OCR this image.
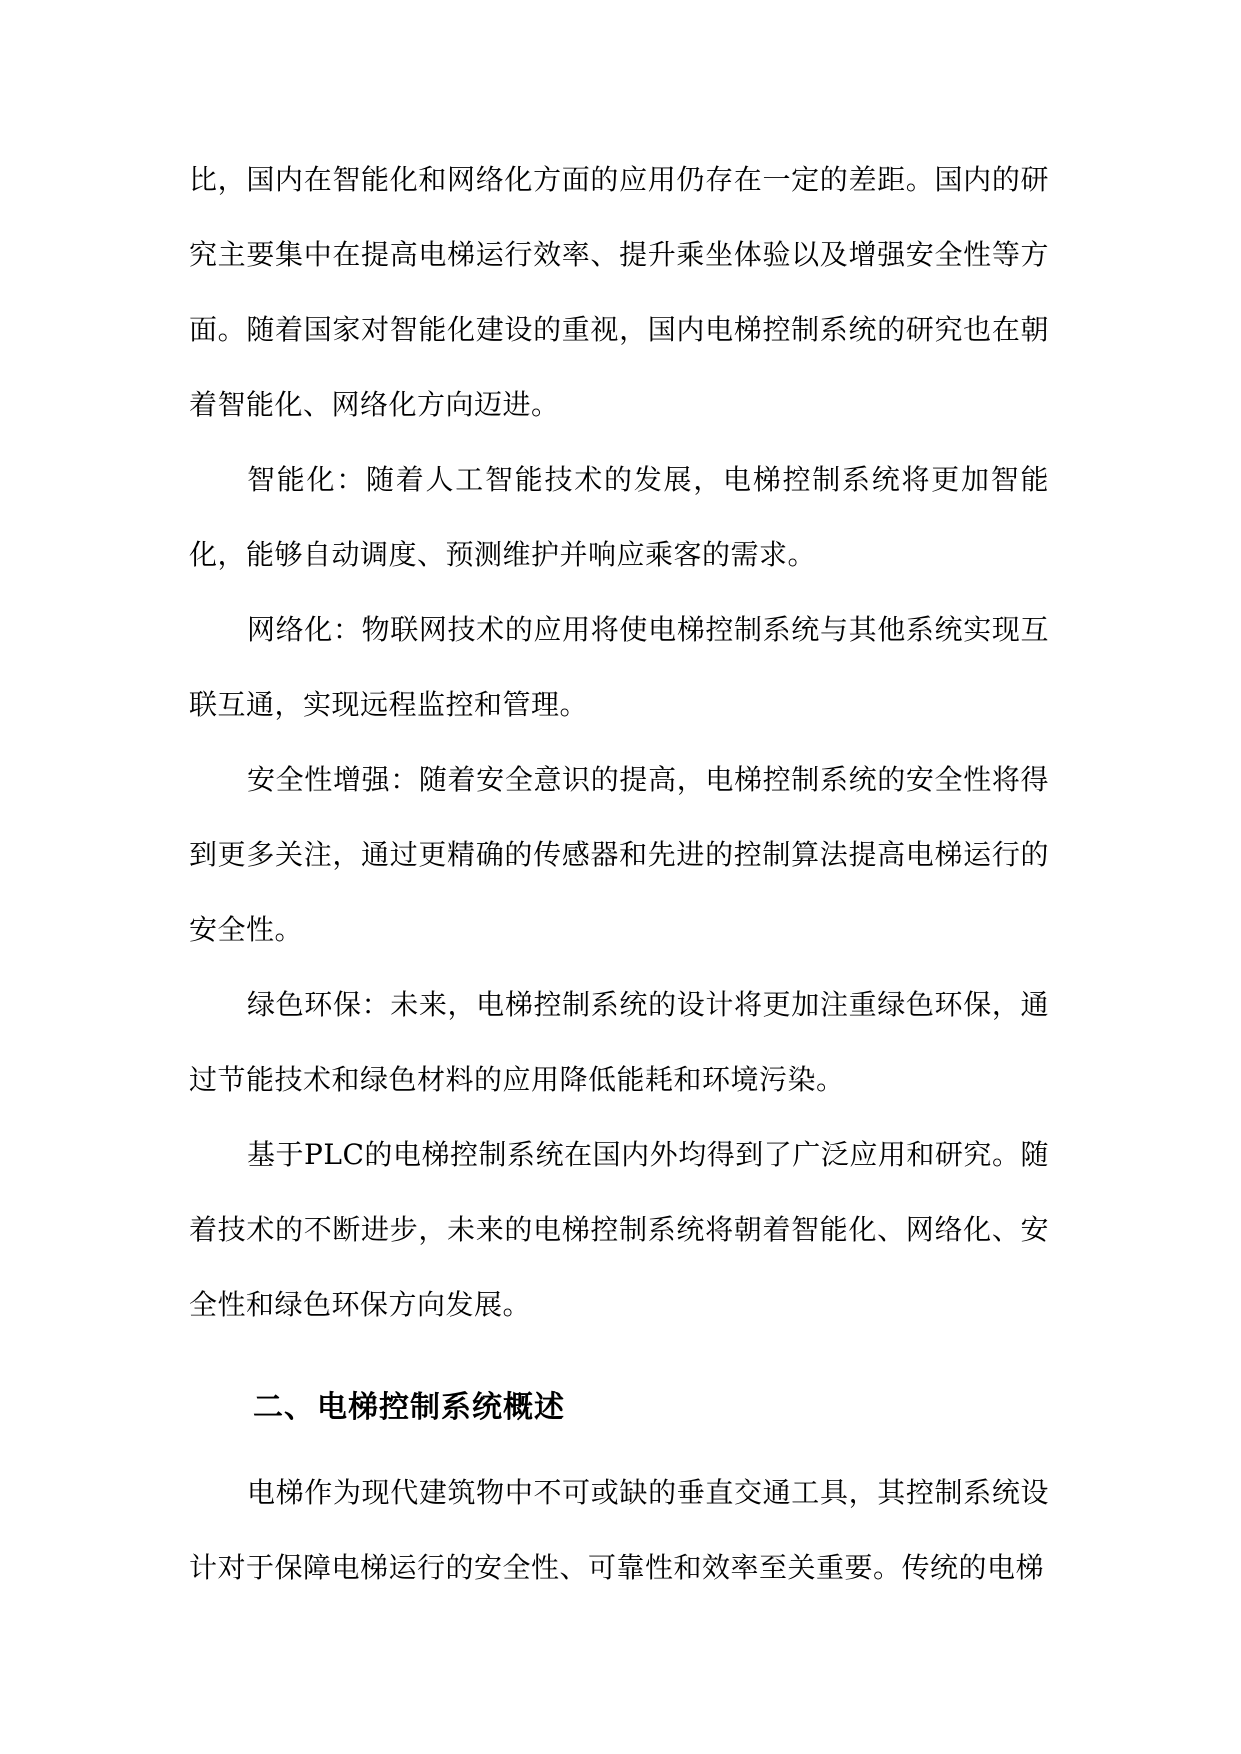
比，国内在智能化和网络化方面的应用仍存在一定的差距。国内的研究主要集中在提高电梯运行效率、提升乘坐体验以及增强安全性等方面。随着国家对智能化建设的重视，国内电梯控制系统的研究也在朝着智能化、网络化方向迈进。

智能化：随着人工智能技术的发展，电梯控制系统将更加智能化，能够自动调度、预测维护并响应乘客的需求。

网络化：物联网技术的应用将使电梯控制系统与其他系统实现互联互通，实现远程监控和管理。

安全性增强：随着安全意识的提高，电梯控制系统的安全性将得到更多关注，通过更精确的传感器和先进的控制算法提高电梯运行的安全性。

绿色环保：未来，电梯控制系统的设计将更加注重绿色环保，通过节能技术和绿色材料的应用降低能耗和环境污染。

基于PLC的电梯控制系统在国内外均得到了广泛应用和研究。随着技术的不断进步，未来的电梯控制系统将朝着智能化、网络化、安全性和绿色环保方向发展。

二、电梯控制系统概述

电梯作为现代建筑物中不可或缺的垂直交通工具，其控制系统设计对于保障电梯运行的安全性、可靠性和效率至关重要。传统的电梯
